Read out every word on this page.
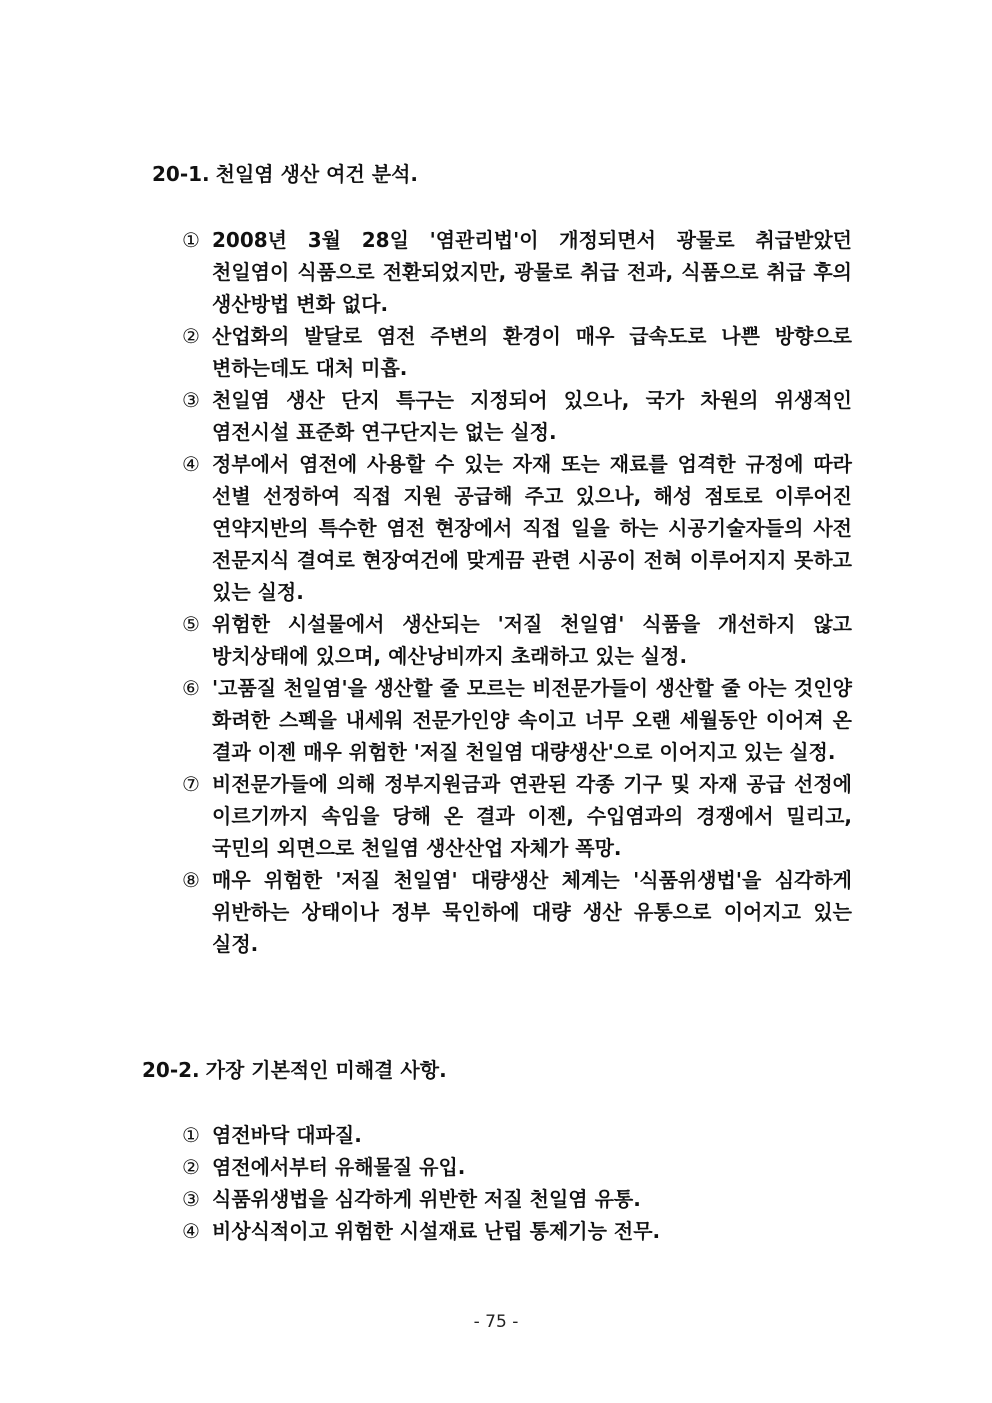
20-1. 천일염 생산 여건 분석.
① 2008년 3월 28일 '염관리법'이 개정되면서 광물로 취급받았던 천일염이 식품으로 전환되었지만, 광물로 취급 전과, 식품으로 취급 후의 생산방법 변화 없다.
② 산업화의 발달로 염전 주변의 환경이 매우 급속도로 나쁜 방향으로 변하는데도 대처 미흡.
③ 천일염 생산 단지 특구는 지정되어 있으나, 국가 차원의 위생적인 염전시설 표준화 연구단지는 없는 실정.
④ 정부에서 염전에 사용할 수 있는 자재 또는 재료를 엄격한 규정에 따라 선별 선정하여 직접 지원 공급해 주고 있으나, 해성 점토로 이루어진 연약지반의 특수한 염전 현장에서 직접 일을 하는 시공기술자들의 사전 전문지식 결여로 현장여건에 맞게끔 관련 시공이 전혀 이루어지지 못하고 있는 실정.
⑤ 위험한 시설물에서 생산되는 '저질 천일염' 식품을 개선하지 않고 방치상태에 있으며, 예산낭비까지 초래하고 있는 실정.
⑥ '고품질 천일염'을 생산할 줄 모르는 비전문가들이 생산할 줄 아는 것인양 화려한 스펙을 내세워 전문가인양 속이고 너무 오랜 세월동안 이어져 온 결과 이젠 매우 위험한 '저질 천일염 대량생산'으로 이어지고 있는 실정.
⑦ 비전문가들에 의해 정부지원금과 연관된 각종 기구 및 자재 공급 선정에 이르기까지 속임을 당해 온 결과 이젠, 수입염과의 경쟁에서 밀리고, 국민의 외면으로 천일염 생산산업 자체가 폭망.
⑧ 매우 위험한 '저질 천일염' 대량생산 체계는 '식품위생법'을 심각하게 위반하는 상태이나 정부 묵인하에 대량 생산 유통으로 이어지고 있는 실정.
20-2. 가장 기본적인 미해결 사항.
① 염전바닥 대파질.
② 염전에서부터 유해물질 유입.
③ 식품위생법을 심각하게 위반한 저질 천일염 유통.
④ 비상식적이고 위험한 시설재료 난립 통제기능 전무.
- 75 -
